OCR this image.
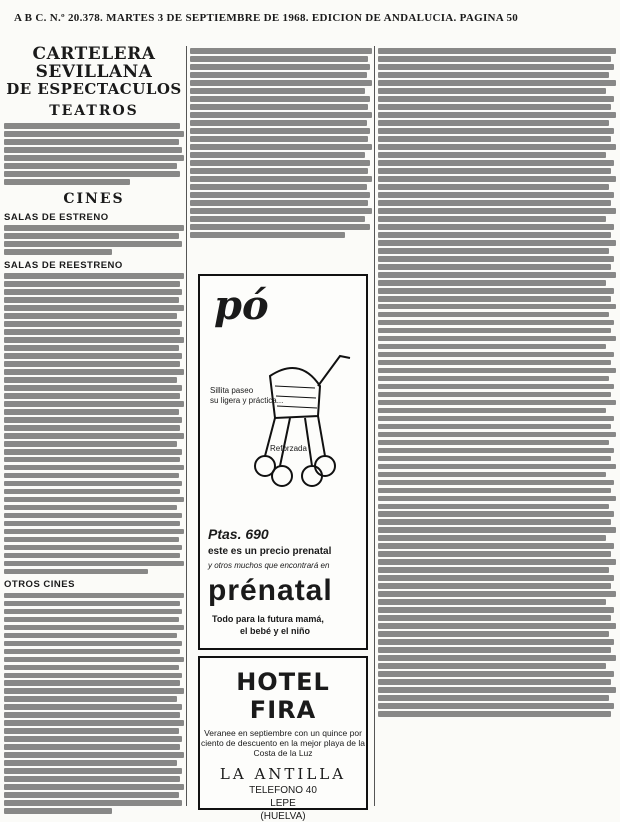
A B C. N.º 20.378. MARTES 3 DE SEPTIEMBRE DE 1968. EDICION DE ANDALUCIA. PAGINA 50
CARTELERA SEVILLANA
DE ESPECTACULOS
TEATROS
CINES
SALAS DE ESTRENO
SALAS DE REESTRENO
OTROS CINES
pó
Sillita paseo
su ligera y práctica...
Reforzada
Ptas. 690
este es un precio prenatal
y otros muchos que encontrará en
prénatal
Todo para la futura mamá,
el bebé y el niño
HOTEL FIRA
Veranee en septiembre con un quince por ciento de descuento en la mejor playa de la Costa de la Luz
LA ANTILLA
TELEFONO 40
LEPE
(HUELVA)
